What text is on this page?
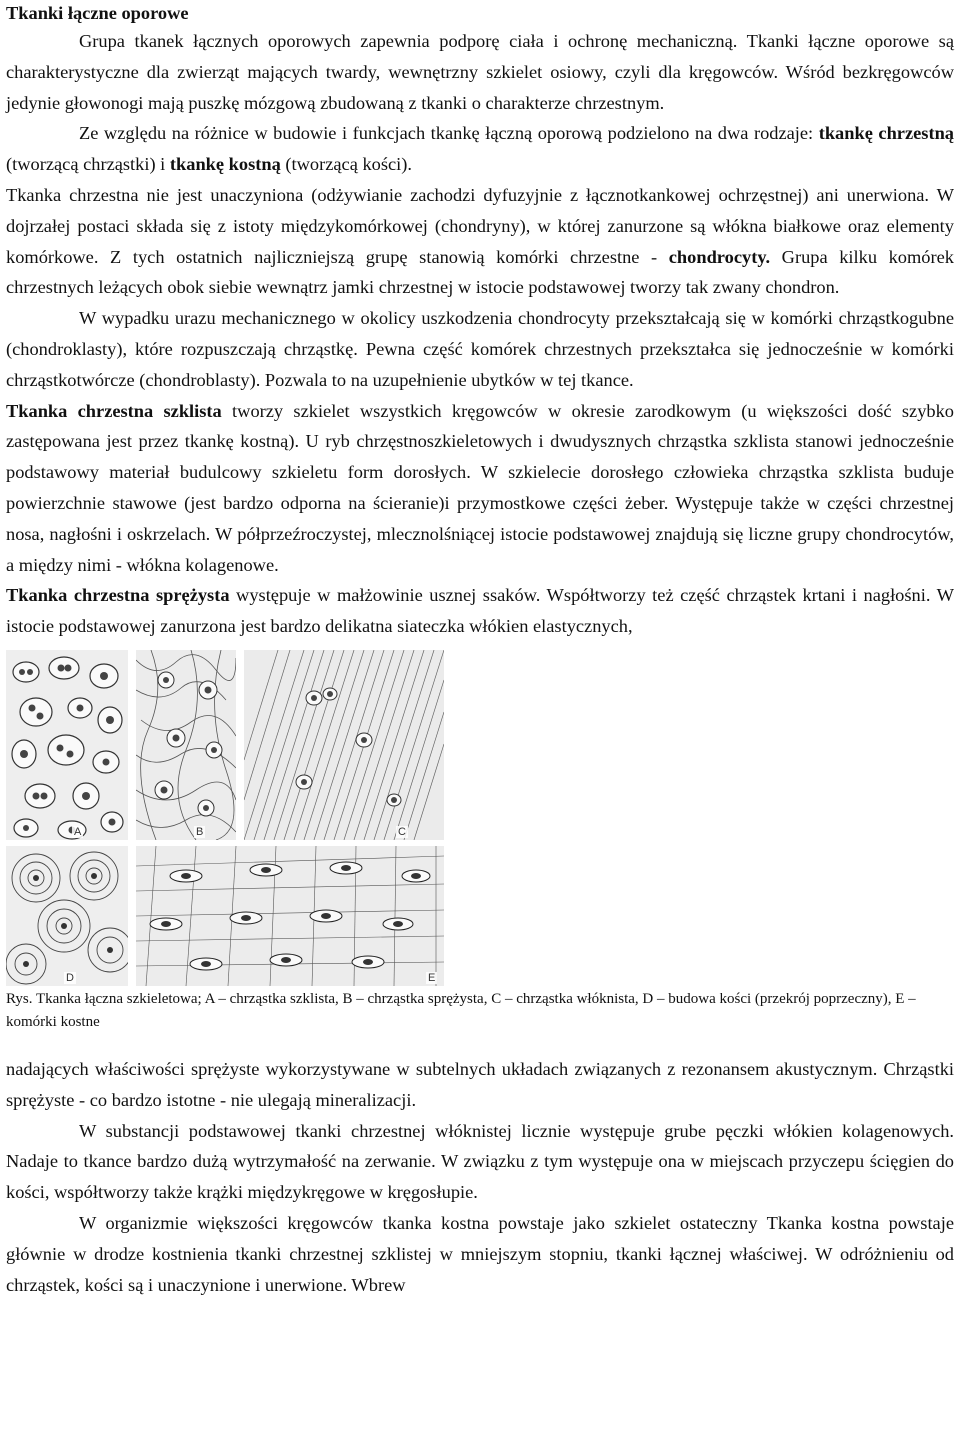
Tkanki łączne oporowe

Grupa tkanek łącznych oporowych zapewnia podporę ciała i ochronę mechaniczną. Tkanki łączne oporowe są charakterystyczne dla zwierząt mających twardy, wewnętrzny szkielet osiowy, czyli dla kręgowców. Wśród bezkręgowców jedynie głowonogi mają puszkę mózgową zbudowaną z tkanki o charakterze chrzestnym.

Ze względu na różnice w budowie i funkcjach tkankę łączną oporową podzielono na dwa rodzaje: tkankę chrzestną (tworzącą chrząstki) i tkankę kostną (tworzącą kości).

Tkanka chrzestna nie jest unaczyniona (odżywianie zachodzi dyfuzyjnie z łącznotkankowej ochrzęstnej) ani unerwiona. W dojrzałej postaci składa się z istoty międzykomórkowej (chondryny), w której zanurzone są włókna białkowe oraz elementy komórkowe. Z tych ostatnich najliczniejszą grupę stanowią komórki chrzestne - chondrocyty. Grupa kilku komórek chrzestnych leżących obok siebie wewnątrz jamki chrzestnej w istocie podstawowej tworzy tak zwany chondron.

W wypadku urazu mechanicznego w okolicy uszkodzenia chondrocyty przekształcają się w komórki chrząstkogubne (chondroklasty), które rozpuszczają chrząstkę. Pewna część komórek chrzestnych przekształca się jednocześnie w komórki chrząstkotwórcze (chondroblasty). Pozwala to na uzupełnienie ubytków w tej tkance.

Tkanka chrzestna szklista tworzy szkielet wszystkich kręgowców w okresie zarodkowym (u większości dość szybko zastępowana jest przez tkankę kostną). U ryb chrzęstnoszkieletowych i dwudysznych chrząstka szklista stanowi jednocześnie podstawowy materiał budulcowy szkieletu form dorosłych. W szkielecie dorosłego człowieka chrząstka szklista buduje powierzchnie stawowe (jest bardzo odporna na ścieranie)i przymostkowe części żeber. Występuje także w części chrzestnej nosa, nagłośni i oskrzelach. W półprzeźroczystej, mlecznolśniącej istocie podstawowej znajdują się liczne grupy chondrocytów, a między nimi - włókna kolagenowe.

Tkanka chrzestna sprężysta występuje w małżowinie usznej ssaków. Współtworzy też część chrząstek krtani i nagłośni. W istocie podstawowej zanurzona jest bardzo delikatna siateczka włókien elastycznych,

A	B	C
D	E

Rys. Tkanka łączna szkieletowa; A – chrząstka szklista, B – chrząstka sprężysta, C – chrząstka włóknista, D – budowa kości (przekrój poprzeczny), E – komórki kostne

nadających właściwości sprężyste wykorzystywane w subtelnych układach związanych z rezonansem akustycznym. Chrząstki sprężyste - co bardzo istotne - nie ulegają mineralizacji.

W substancji podstawowej tkanki chrzestnej włóknistej licznie występuje grube pęczki włókien kolagenowych. Nadaje to tkance bardzo dużą wytrzymałość na zerwanie. W związku z tym występuje ona w miejscach przyczepu ścięgien do kości, współtworzy także krążki międzykręgowe w kręgosłupie.

W organizmie większości kręgowców tkanka kostna powstaje jako szkielet ostateczny Tkanka kostna powstaje głównie w drodze kostnienia tkanki chrzestnej szklistej w mniejszym stopniu, tkanki łącznej właściwej. W odróżnieniu od chrząstek, kości są i unaczynione i unerwione. Wbrew
